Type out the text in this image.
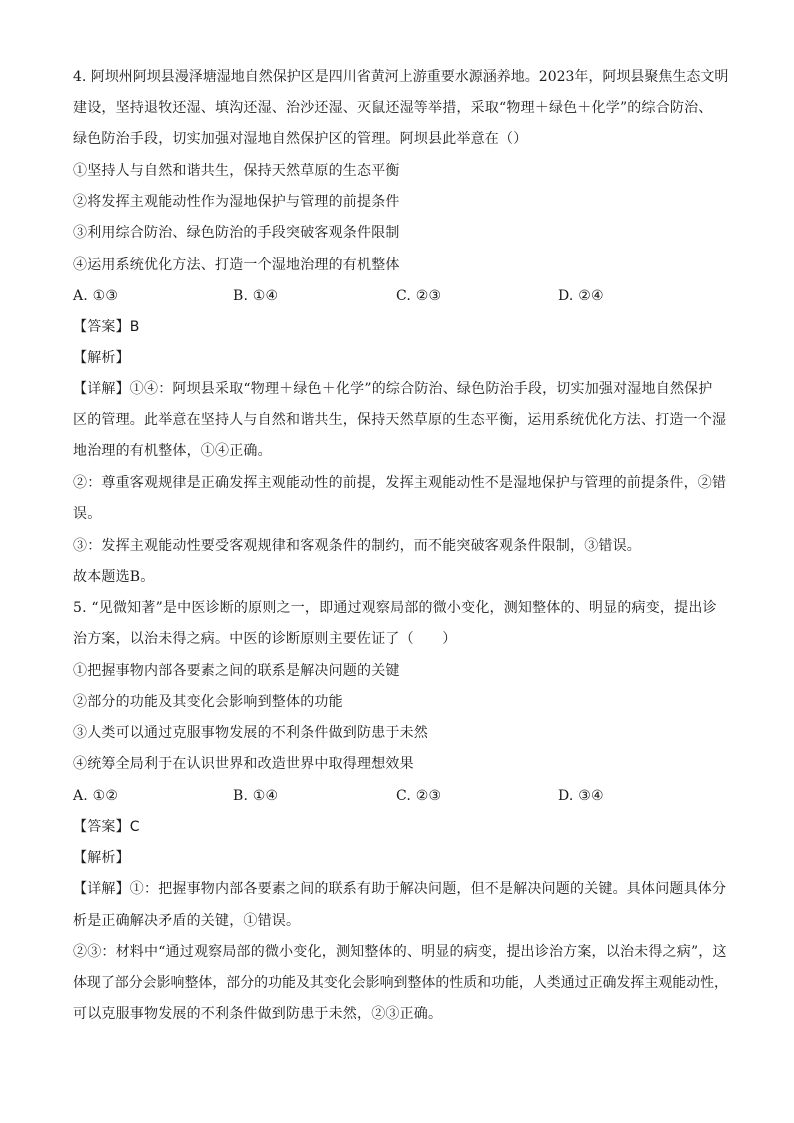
4. 阿坝州阿坝县漫泽塘湿地自然保护区是四川省黄河上游重要水源涵养地。2023年，阿坝县聚焦生态文明
建设，坚持退牧还湿、填沟还湿、治沙还湿、灭鼠还湿等举措，采取“物理＋绿色＋化学”的综合防治、
绿色防治手段，切实加强对湿地自然保护区的管理。阿坝县此举意在（）
①坚持人与自然和谐共生，保持天然草原的生态平衡
②将发挥主观能动性作为湿地保护与管理的前提条件
③利用综合防治、绿色防治的手段突破客观条件限制
④运用系统优化方法、打造一个湿地治理的有机整体
A. ①③	B. ①④	C. ②③	D. ②④
【答案】B
【解析】
【详解】①④：阿坝县采取“物理＋绿色＋化学”的综合防治、绿色防治手段，切实加强对湿地自然保护
区的管理。此举意在坚持人与自然和谐共生，保持天然草原的生态平衡，运用系统优化方法、打造一个湿
地治理的有机整体，①④正确。
②：尊重客观规律是正确发挥主观能动性的前提，发挥主观能动性不是湿地保护与管理的前提条件，②错
误。
③：发挥主观能动性要受客观规律和客观条件的制约，而不能突破客观条件限制，③错误。
故本题选B。
5. “见微知著”是中医诊断的原则之一，即通过观察局部的微小变化，测知整体的、明显的病变，提出诊
治方案，以治未得之病。中医的诊断原则主要佐证了（　　）
①把握事物内部各要素之间的联系是解决问题的关键
②部分的功能及其变化会影响到整体的功能
③人类可以通过克服事物发展的不利条件做到防患于未然
④统筹全局利于在认识世界和改造世界中取得理想效果
A. ①②	B. ①④	C. ②③	D. ③④
【答案】C
【解析】
【详解】①：把握事物内部各要素之间的联系有助于解决问题，但不是解决问题的关键。具体问题具体分
析是正确解决矛盾的关键，①错误。
②③：材料中“通过观察局部的微小变化，测知整体的、明显的病变，提出诊治方案，以治未得之病”，这
体现了部分会影响整体，部分的功能及其变化会影响到整体的性质和功能，人类通过正确发挥主观能动性，
可以克服事物发展的不利条件做到防患于未然，②③正确。
